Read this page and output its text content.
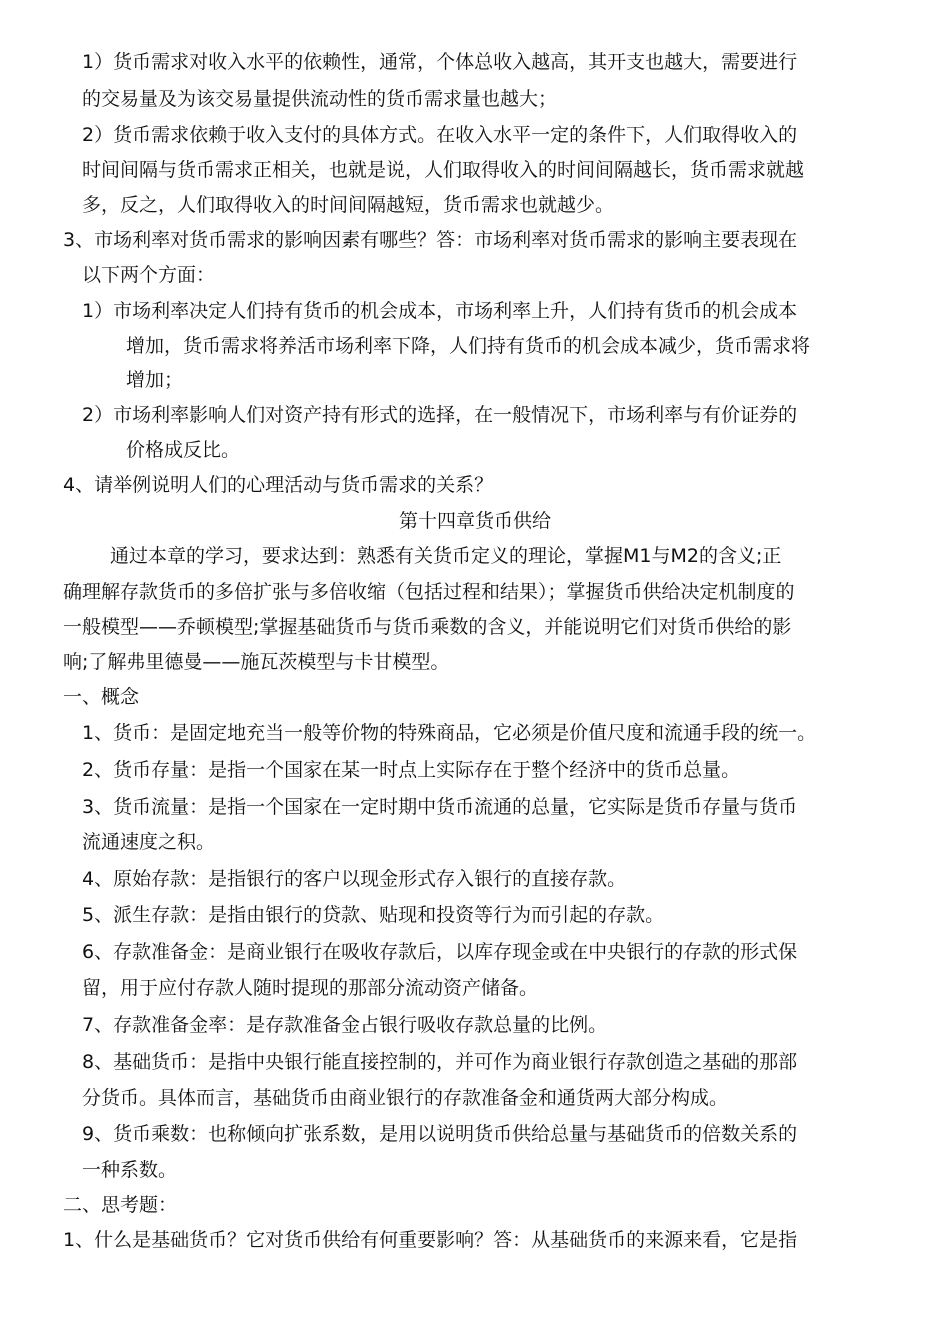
1）货币需求对收入水平的依赖性，通常，个体总收入越高，其开支也越大，需要进行
的交易量及为该交易量提供流动性的货币需求量也越大；
2）货币需求依赖于收入支付的具体方式。在收入水平一定的条件下，人们取得收入的
时间间隔与货币需求正相关，也就是说，人们取得收入的时间间隔越长，货币需求就越
多，反之，人们取得收入的时间间隔越短，货币需求也就越少。
3、市场利率对货币需求的影响因素有哪些？答：市场利率对货币需求的影响主要表现在
以下两个方面：
1）市场利率决定人们持有货币的机会成本，市场利率上升，人们持有货币的机会成本
增加，货币需求将养活市场利率下降，人们持有货币的机会成本减少，货币需求将
增加；
2）市场利率影响人们对资产持有形式的选择，在一般情况下，市场利率与有价证券的
价格成反比。
4、请举例说明人们的心理活动与货币需求的关系？
第十四章货币供给
通过本章的学习，要求达到：熟悉有关货币定义的理论，掌握M1与M2的含义;正
确理解存款货币的多倍扩张与多倍收缩（包括过程和结果）；掌握货币供给决定机制度的
一般模型——乔顿模型;掌握基础货币与货币乘数的含义，并能说明它们对货币供给的影
响;了解弗里德曼——施瓦茨模型与卡甘模型。
一、概念
1、货币：是固定地充当一般等价物的特殊商品，它必须是价值尺度和流通手段的统一。
2、货币存量：是指一个国家在某一时点上实际存在于整个经济中的货币总量。
3、货币流量：是指一个国家在一定时期中货币流通的总量，它实际是货币存量与货币
流通速度之积。
4、原始存款：是指银行的客户以现金形式存入银行的直接存款。
5、派生存款：是指由银行的贷款、贴现和投资等行为而引起的存款。
6、存款准备金：是商业银行在吸收存款后，以库存现金或在中央银行的存款的形式保
留，用于应付存款人随时提现的那部分流动资产储备。
7、存款准备金率：是存款准备金占银行吸收存款总量的比例。
8、基础货币：是指中央银行能直接控制的，并可作为商业银行存款创造之基础的那部
分货币。具体而言，基础货币由商业银行的存款准备金和通货两大部分构成。
9、货币乘数：也称倾向扩张系数，是用以说明货币供给总量与基础货币的倍数关系的
一种系数。
二、思考题：
1、什么是基础货币？它对货币供给有何重要影响？答：从基础货币的来源来看，它是指
